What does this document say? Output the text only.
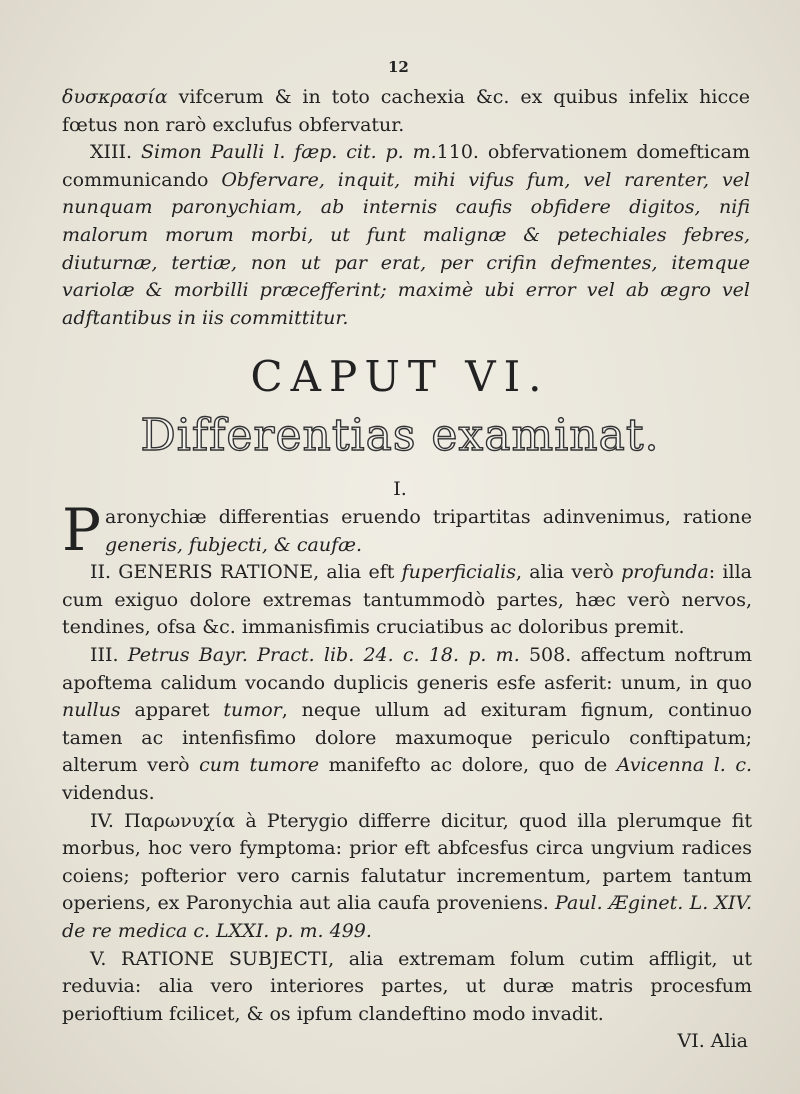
12

δυσκρασία vifcerum & in toto cachexia &c. ex quibus infelix hicce fœtus non rarò exclufus obfervatur.

XIII. Simon Paulli l. fæp. cit. p. m.110. obfervationem domefticam communicando Obfervare, inquit, mihi vifus fum, vel rarenter, vel nunquam paronychiam, ab internis caufis obfidere digitos, nifi malorum morum morbi, ut funt malignæ & petechiales febres, diuturnæ, tertiæ, non ut par erat, per crifin defmentes, itemque variolæ & morbilli præcefferint; maximè ubi error vel ab ægro vel adftantibus in iis committitur.

CAPUT VI.
Differentias examinat.
I.

Paronychiæ differentias eruendo tripartitas adinvenimus, ratione generis, fubjecti, & caufæ.

II. GENERIS RATIONE, alia eft fuperficialis, alia verò profunda: illa cum exiguo dolore extremas tantummodò partes, hæc verò nervos, tendines, ofsa &c. immanisfimis cruciatibus ac doloribus premit.

III. Petrus Bayr. Pract. lib. 24. c. 18. p. m. 508. affectum noftrum apoftema calidum vocando duplicis generis esfe asferit: unum, in quo nullus apparet tumor, neque ullum ad exituram fignum, continuo tamen ac intenfisfimo dolore maxumoque periculo conftipatum; alterum verò cum tumore manifefto ac dolore, quo de Avicenna l. c. videndus.

IV. Παρωνυχία à Pterygio differre dicitur, quod illa plerumque fit morbus, hoc vero fymptoma: prior eft abfcesfus circa ungvium radices coiens; pofterior vero carnis falutatur incrementum, partem tantum operiens, ex Paronychia aut alia caufa proveniens. Paul. Æginet. L. XIV. de re medica c. LXXI. p. m. 499.

V. RATIONE SUBJECTI, alia extremam folum cutim affligit, ut reduvia: alia vero interiores partes, ut duræ matris procesfum perioftium fcilicet, & os ipfum clandeftino modo invadit.

VI. Alia
